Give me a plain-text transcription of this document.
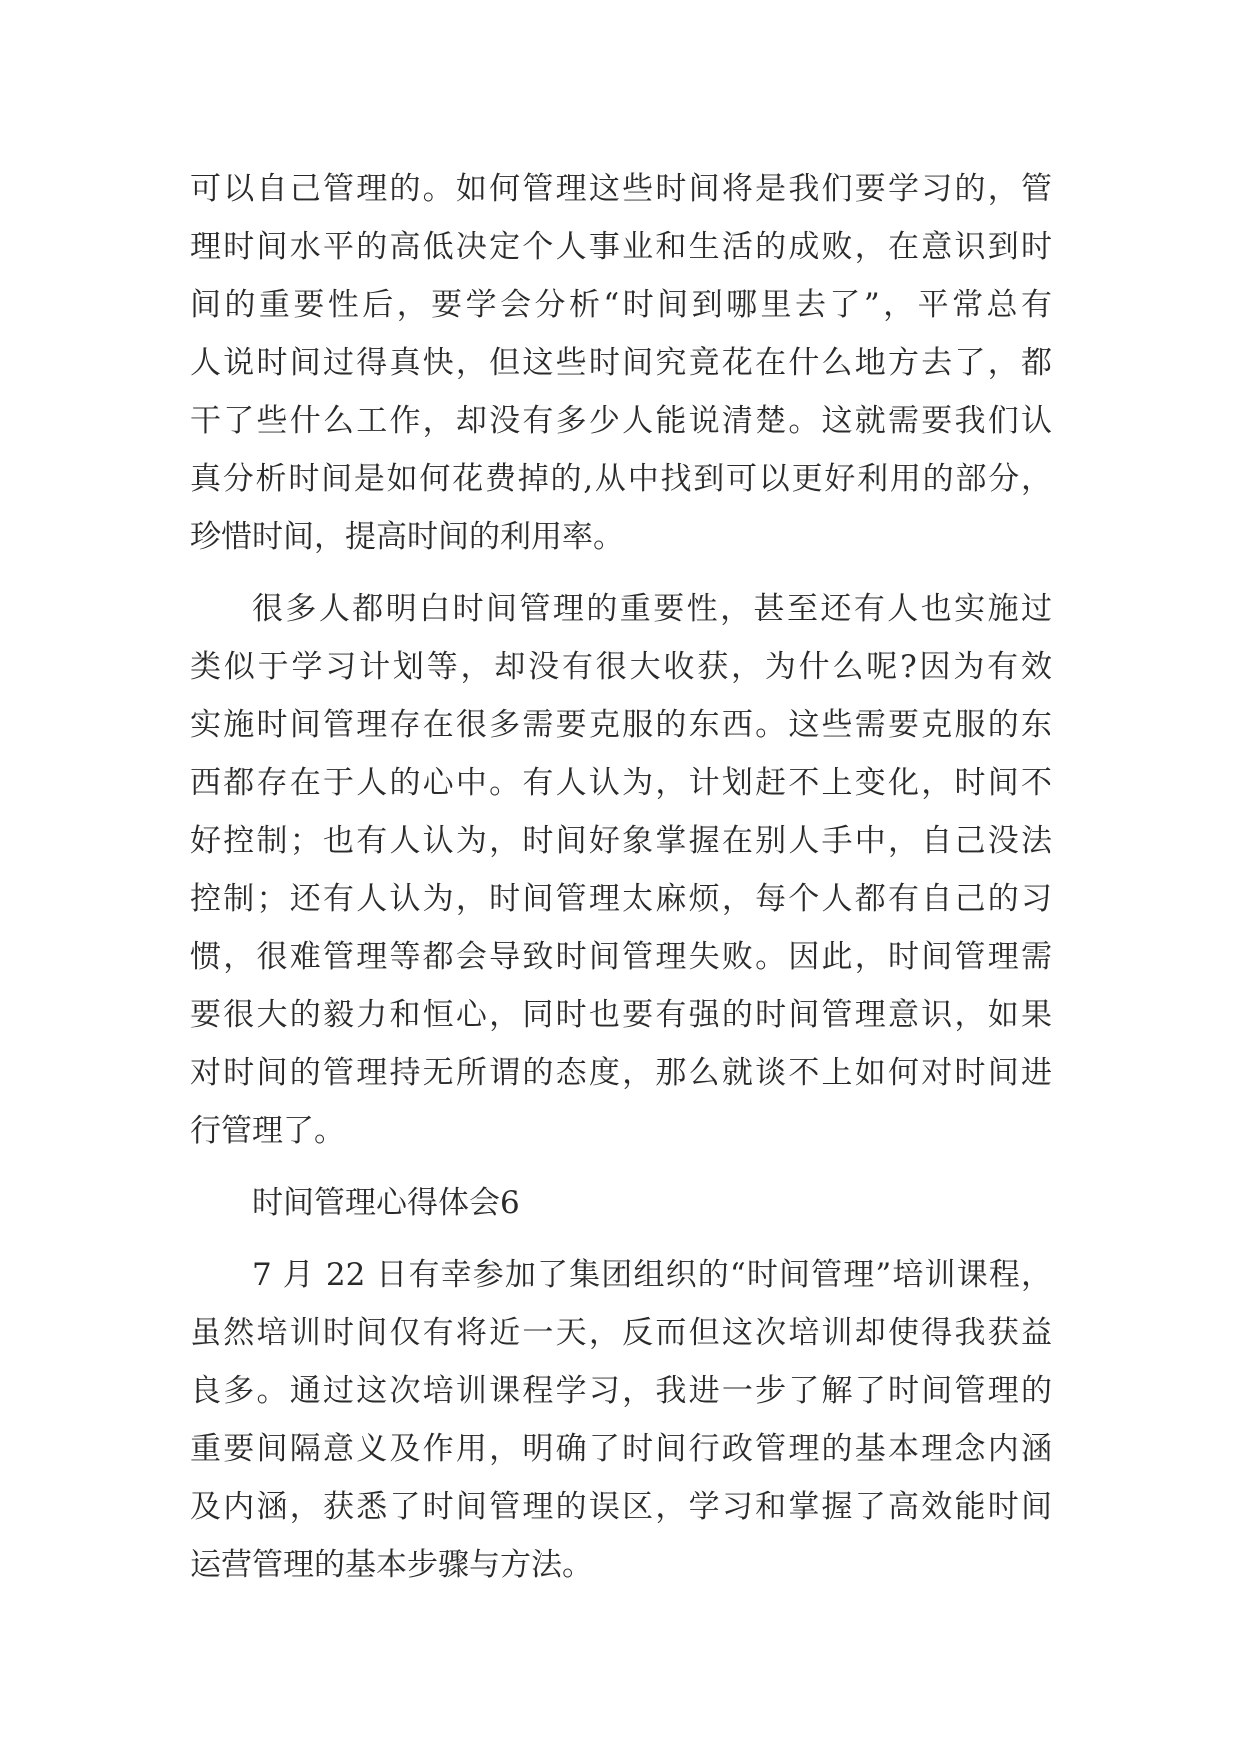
可以自己管理的。如何管理这些时间将是我们要学习的，管
理时间水平的高低决定个人事业和生活的成败，在意识到时
间的重要性后，要学会分析“时间到哪里去了”，平常总有
人说时间过得真快，但这些时间究竟花在什么地方去了，都
干了些什么工作，却没有多少人能说清楚。这就需要我们认
真分析时间是如何花费掉的,从中找到可以更好利用的部分，
珍惜时间，提高时间的利用率。
很多人都明白时间管理的重要性，甚至还有人也实施过
类似于学习计划等，却没有很大收获，为什么呢?因为有效
实施时间管理存在很多需要克服的东西。这些需要克服的东
西都存在于人的心中。有人认为，计划赶不上变化，时间不
好控制；也有人认为，时间好象掌握在别人手中，自己没法
控制；还有人认为，时间管理太麻烦，每个人都有自己的习
惯，很难管理等都会导致时间管理失败。因此，时间管理需
要很大的毅力和恒心，同时也要有强的时间管理意识，如果
对时间的管理持无所谓的态度，那么就谈不上如何对时间进
行管理了。
时间管理心得体会6
7 月 22 日有幸参加了集团组织的“时间管理”培训课程，
虽然培训时间仅有将近一天，反而但这次培训却使得我获益
良多。通过这次培训课程学习，我进一步了解了时间管理的
重要间隔意义及作用，明确了时间行政管理的基本理念内涵
及内涵，获悉了时间管理的误区，学习和掌握了高效能时间
运营管理的基本步骤与方法。
